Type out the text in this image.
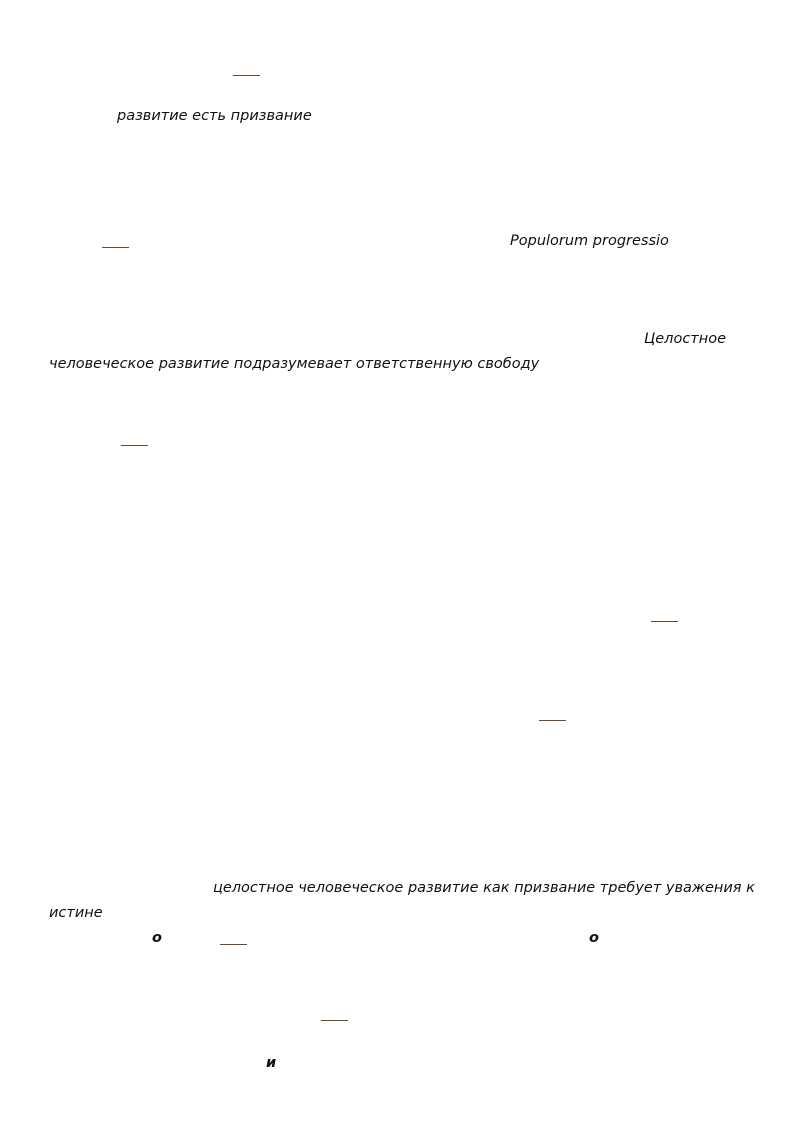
развитие есть призвание
Populorum progressio
Целостное
человеческое развитие подразумевает ответственную свободу
целостное человеческое развитие как призвание требует уважения к
истине
о	о
и
